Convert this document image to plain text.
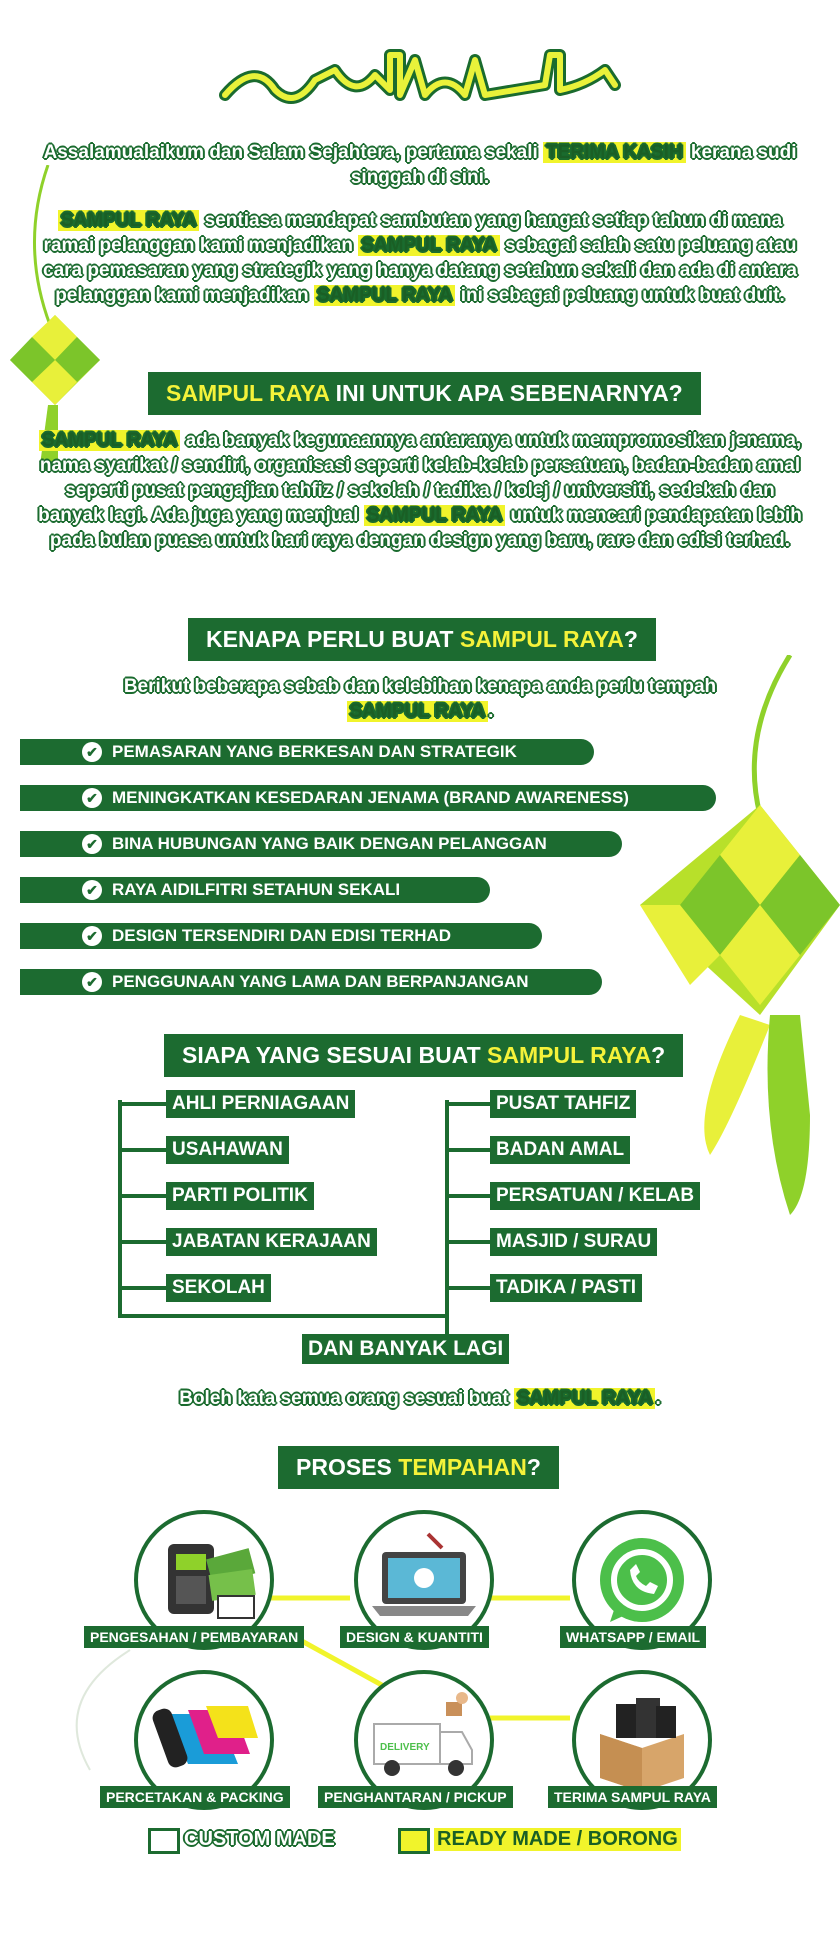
Assalamualaikum dan Salam Sejahtera, pertama sekali TERIMA KASIH kerana sudi singgah di sini.
SAMPUL RAYA sentiasa mendapat sambutan yang hangat setiap tahun di mana ramai pelanggan kami menjadikan SAMPUL RAYA sebagai salah satu peluang atau cara pemasaran yang strategik yang hanya datang setahun sekali dan ada di antara pelanggan kami menjadikan SAMPUL RAYA ini sebagai peluang untuk buat duit.
SAMPUL RAYA INI UNTUK APA SEBENARNYA?
SAMPUL RAYA ada banyak kegunaannya antaranya untuk mempromosikan jenama, nama syarikat / sendiri, organisasi seperti kelab-kelab persatuan, badan-badan amal seperti pusat pengajian tahfiz / sekolah / tadika / kolej / universiti, sedekah dan banyak lagi. Ada juga yang menjual SAMPUL RAYA untuk mencari pendapatan lebih pada bulan puasa untuk hari raya dengan design yang baru, rare dan edisi terhad.
KENAPA PERLU BUAT SAMPUL RAYA?
Berikut beberapa sebab dan kelebihan kenapa anda perlu tempah SAMPUL RAYA .
✔ PEMASARAN YANG BERKESAN DAN STRATEGIK
✔ MENINGKATKAN KESEDARAN JENAMA (BRAND AWARENESS)
✔ BINA HUBUNGAN YANG BAIK DENGAN PELANGGAN
✔ RAYA AIDILFITRI SETAHUN SEKALI
✔ DESIGN TERSENDIRI DAN EDISI TERHAD
✔ PENGGUNAAN YANG LAMA DAN BERPANJANGAN
SIAPA YANG SESUAI BUAT SAMPUL RAYA?
AHLI PERNIAGAAN
USAHAWAN
PARTI POLITIK
JABATAN KERAJAAN
SEKOLAH
PUSAT TAHFIZ
BADAN AMAL
PERSATUAN / KELAB
MASJID / SURAU
TADIKA / PASTI
DAN BANYAK LAGI
Boleh kata semua orang sesuai buat SAMPUL RAYA .
PROSES TEMPAHAN?
PENGESAHAN / PEMBAYARAN	DESIGN & KUANTITI	WHATSAPP / EMAIL
DELIVERY
PERCETAKAN & PACKING	PENGHANTARAN / PICKUP	TERIMA SAMPUL RAYA
CUSTOM MADE	READY MADE / BORONG
